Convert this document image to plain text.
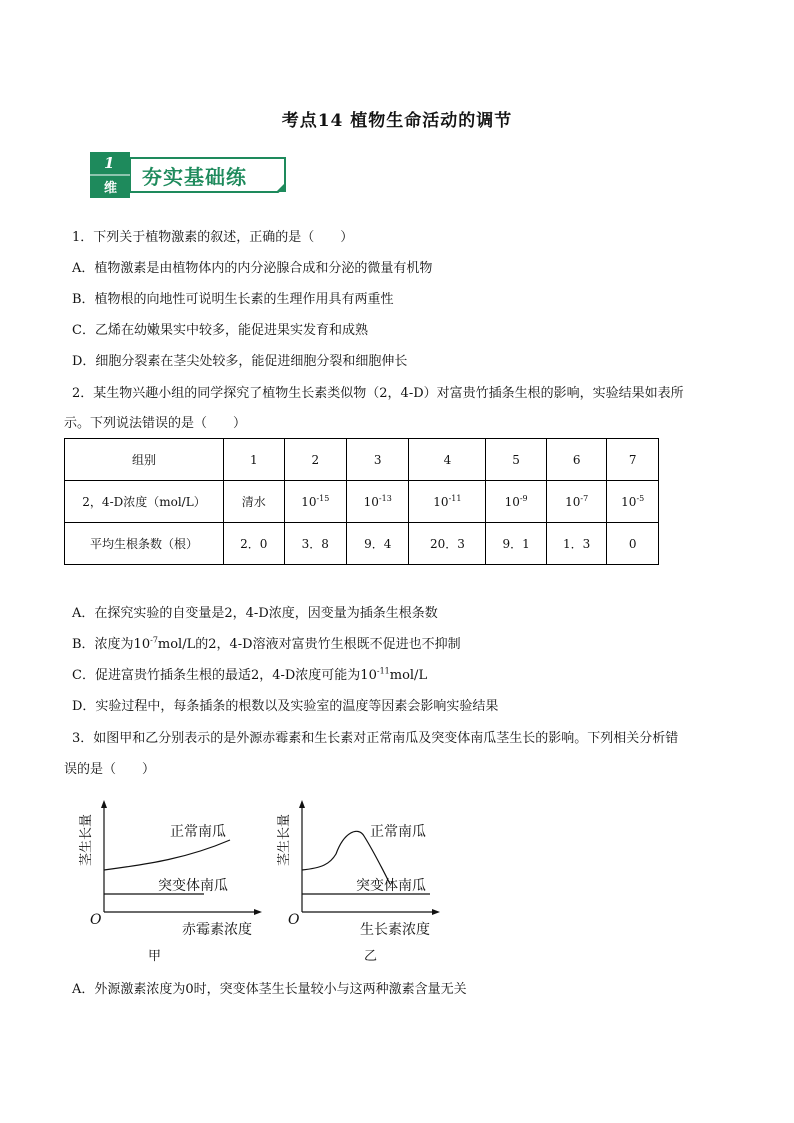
考点14 植物生命活动的调节
1
维 夯实基础练
1．下列关于植物激素的叙述，正确的是（　　）
A．植物激素是由植物体内的内分泌腺合成和分泌的微量有机物
B．植物根的向地性可说明生长素的生理作用具有两重性
C．乙烯在幼嫩果实中较多，能促进果实发育和成熟
D．细胞分裂素在茎尖处较多，能促进细胞分裂和细胞伸长
2．某生物兴趣小组的同学探究了植物生长素类似物（2，4-D）对富贵竹插条生根的影响，实验结果如表所
示。下列说法错误的是（　　）
组别	1	2	3	4	5	6	7
2，4-D浓度（mol/L）	清水	$10^{-15}$	$10^{-13}$	$10^{-11}$	$10^{-9}$	$10^{-7}$	$10^{-5}$
平均生根条数（根）	2．0	3．8	9．4	20．3	9．1	1．3	0
A．在探究实验的自变量是2，4-D浓度，因变量为插条生根条数
B．浓度为$10^{-7}mol/L$的2，4-D溶液对富贵竹生根既不促进也不抑制
C．促进富贵竹插条生根的最适2，4-D浓度可能为$10^{-11}mol/L$
D．实验过程中，每条插条的根数以及实验室的温度等因素会影响实验结果
3．如图甲和乙分别表示的是外源赤霉素和生长素对正常南瓜及突变体南瓜茎生长的影响。下列相关分析错
误的是（　　）
茎生长量	正常南瓜
突变体南瓜
O
赤霉素浓度
甲
茎生长量	正常南瓜
突变体南瓜
O
生长素浓度
乙
A．外源激素浓度为0时，突变体茎生长量较小与这两种激素含量无关
